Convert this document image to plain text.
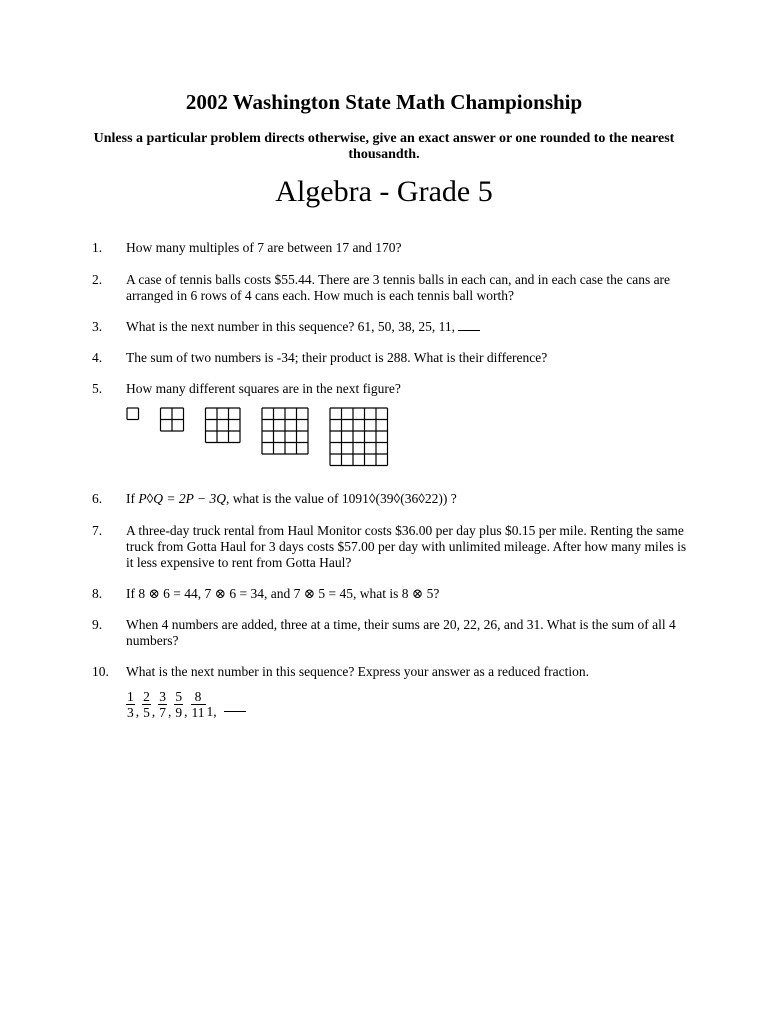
2002 Washington State Math Championship
Unless a particular problem directs otherwise, give an exact answer or one rounded to the nearest thousandth.
Algebra - Grade 5
1.	How many multiples of 7 are between 17 and 170?
2.	A case of tennis balls costs $55.44. There are 3 tennis balls in each can, and in each case the cans are arranged in 6 rows of 4 cans each. How much is each tennis ball worth?
3.	What is the next number in this sequence? 61, 50, 38, 25, 11,
4.	The sum of two numbers is -34; their product is 288. What is their difference?
5.	How many different squares are in the next figure?
6.	If P◊Q = 2P − 3Q, what is the value of 1091◊(39◊(36◊22)) ?
7.	A three-day truck rental from Haul Monitor costs $36.00 per day plus $0.15 per mile. Renting the same truck from Gotta Haul for 3 days costs $57.00 per day with unlimited mileage. After how many miles is it less expensive to rent from Gotta Haul?
8.	If 8 ⊗ 6 = 44, 7 ⊗ 6 = 34, and 7 ⊗ 5 = 45, what is 8 ⊗ 5?
9.	When 4 numbers are added, three at a time, their sums are 20, 22, 26, and 31. What is the sum of all 4 numbers?
10.	What is the next number in this sequence? Express your answer as a reduced fraction.
$\frac{1}{3}$ , $\frac{2}{5}$ , $\frac{3}{7}$ , $\frac{5}{9}$ , $\frac{8}{11} 1$,
